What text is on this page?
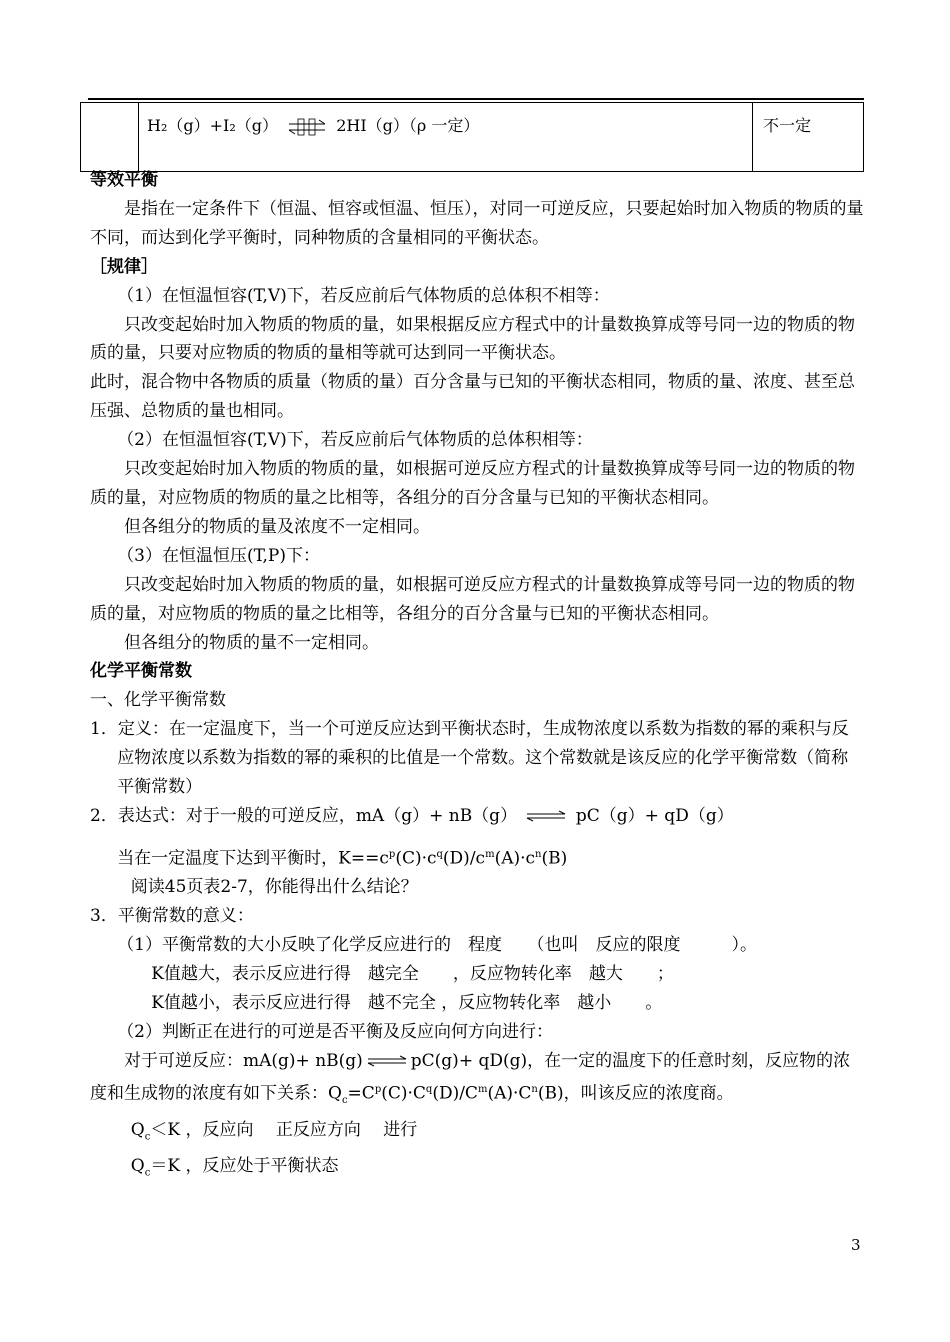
	H₂（g）+I₂（g） ⇌ 2HI（g）（ρ 一定）	不一定

等效平衡

是指在一定条件下（恒温、恒容或恒温、恒压），对同一可逆反应，只要起始时加入物质的物质的量不同，而达到化学平衡时，同种物质的含量相同的平衡状态。

［规律］

（1）在恒温恒容(T,V)下，若反应前后气体物质的总体积不相等：

只改变起始时加入物质的物质的量，如果根据反应方程式中的计量数换算成等号同一边的物质的物质的量，只要对应物质的物质的量相等就可达到同一平衡状态。

此时，混合物中各物质的质量（物质的量）百分含量与已知的平衡状态相同，物质的量、浓度、甚至总压强、总物质的量也相同。

（2）在恒温恒容(T,V)下，若反应前后气体物质的总体积相等：

只改变起始时加入物质的物质的量，如根据可逆反应方程式的计量数换算成等号同一边的物质的物质的量，对应物质的物质的量之比相等，各组分的百分含量与已知的平衡状态相同。

但各组分的物质的量及浓度不一定相同。

（3）在恒温恒压(T,P)下：

只改变起始时加入物质的物质的量，如根据可逆反应方程式的计量数换算成等号同一边的物质的物质的量，对应物质的物质的量之比相等，各组分的百分含量与已知的平衡状态相同。

但各组分的物质的量不一定相同。

化学平衡常数

一、化学平衡常数

1．定义：在一定温度下，当一个可逆反应达到平衡状态时，生成物浓度以系数为指数的幂的乘积与反应物浓度以系数为指数的幂的乘积的比值是一个常数。这个常数就是该反应的化学平衡常数（简称平衡常数）

2．表达式：对于一般的可逆反应，mA（g）+ nB（g） ⇌ pC（g）+ qD（g）

当在一定温度下达到平衡时，$K==c^p(C)\cdot c^q(D)/c^m(A)\cdot c^n(B)$

阅读45页表2-7，你能得出什么结论？

3．平衡常数的意义：

（1）平衡常数的大小反映了化学反应进行的　程度　　（也叫　反应的限度　　　）。

K值越大，表示反应进行得　越完全　　，反应物转化率　越大　　；

K值越小，表示反应进行得　越不完全 ，反应物转化率　越小　　。

（2）判断正在进行的可逆是否平衡及反应向何方向进行：

对于可逆反应：mA(g)+ nB(g) ⇌ pC(g)+ qD(g)，在一定的温度下的任意时刻，反应物的浓度和生成物的浓度有如下关系：$Q_c=C^p(C)\cdot C^q(D)/C^m(A)\cdot C^n(B)$，叫该反应的浓度商。

$Q_c<K$ ，反应向　 正反应方向　 进行

$Q_c=K$ ，反应处于平衡状态

3
